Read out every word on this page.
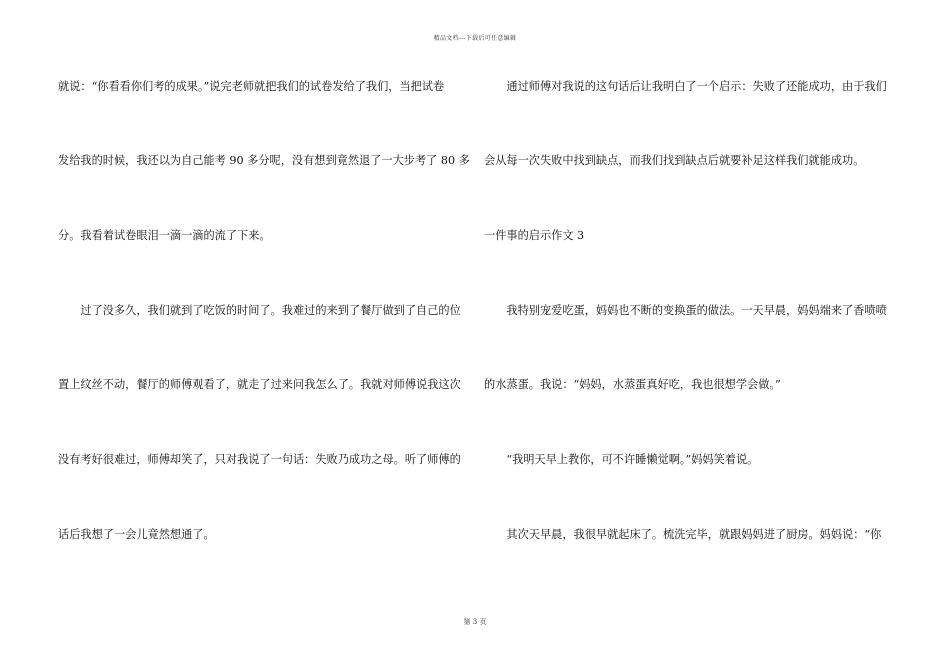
精品文档---下载后可任意编辑
就说：“你看看你们考的成果。”说完老师就把我们的试卷发给了我们，当把试卷
发给我的时候，我还以为自己能考 90 多分呢，没有想到竟然退了一大步考了 80 多
分。我看着试卷眼泪一滴一滴的流了下来。
　　过了没多久，我们就到了吃饭的时间了。我难过的来到了餐厅做到了自己的位
置上纹丝不动，餐厅的师傅观看了，就走了过来问我怎么了。我就对师傅说我这次
没有考好很难过，师傅却笑了，只对我说了一句话：失败乃成功之母。听了师傅的
话后我想了一会儿竟然想通了。
　　通过师傅对我说的这句话后让我明白了一个启示：失败了还能成功，由于我们
会从每一次失败中找到缺点，而我们找到缺点后就要补足这样我们就能成功。
一件事的启示作文 3
　　我特别宠爱吃蛋，妈妈也不断的变换蛋的做法。一天早晨，妈妈端来了香喷喷
的水蒸蛋。我说：“妈妈，水蒸蛋真好吃，我也很想学会做。”
　　“我明天早上教你，可不许睡懒觉啊。”妈妈笑着说。
　　其次天早晨，我很早就起床了。梳洗完毕，就跟妈妈进了厨房。妈妈说：“你
第 3 页
